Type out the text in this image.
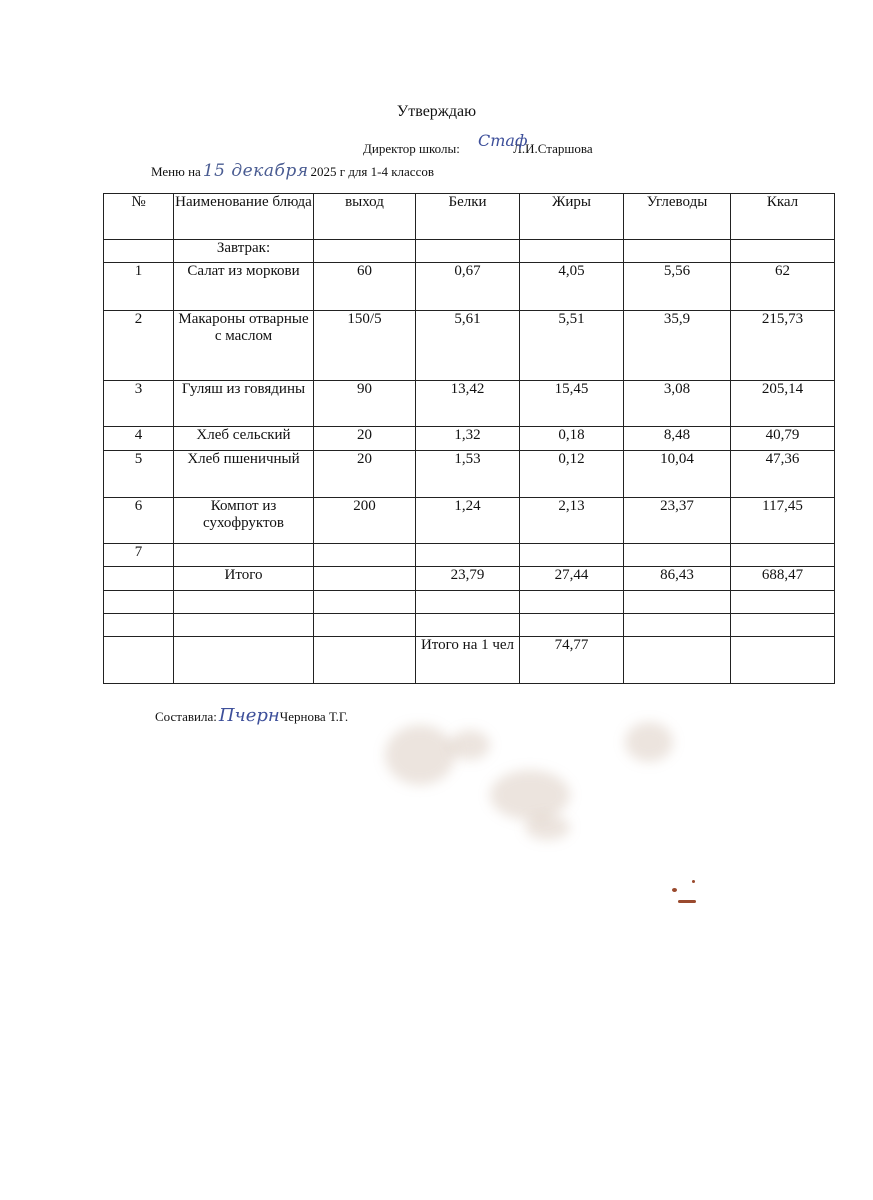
Утверждаю
Директор школы:	Л.И.Старшова
Стаф
Меню на 15 декабря 2025 г для 1-4 классов
№	Наименование блюда	выход	Белки	Жиры	Углеводы	Ккал
	Завтрак:					
1	Салат из моркови	60	0,67	4,05	5,56	62
2	Макароны отварные с маслом	150/5	5,61	5,51	35,9	215,73
3	Гуляш из говядины	90	13,42	15,45	3,08	205,14
4	Хлеб сельский	20	1,32	0,18	8,48	40,79
5	Хлеб пшеничный	20	1,53	0,12	10,04	47,36
6	Компот из сухофруктов	200	1,24	2,13	23,37	117,45
7						
	Итого		23,79	27,44	86,43	688,47

			Итого на 1 чел	74,77		
Составила: ПчернЧернова Т.Г.
